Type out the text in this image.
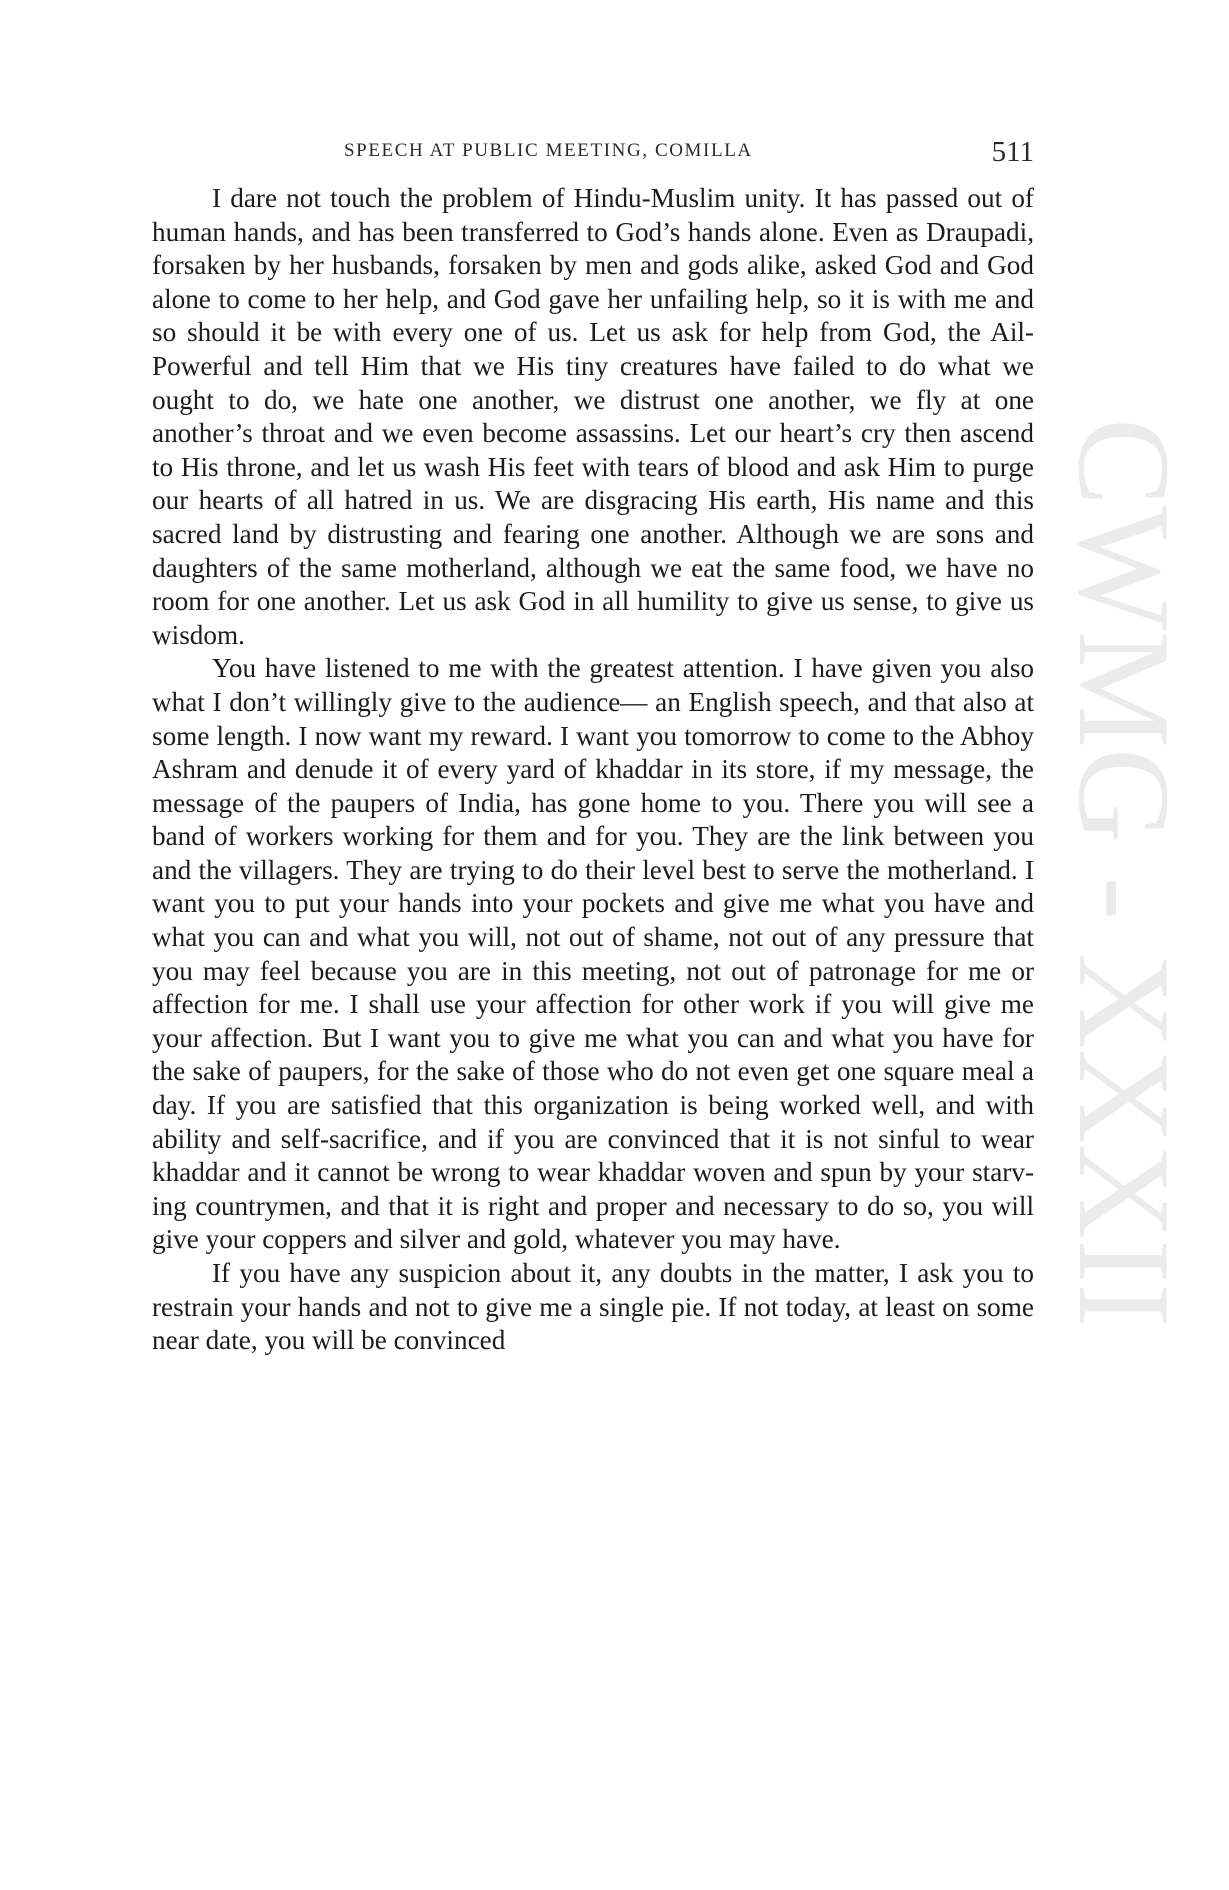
CWMG - XXXII
SPEECH AT PUBLIC MEETING, COMILLA	511

I dare not touch the problem of Hindu-Muslim unity. It has passed out of human hands, and has been transferred to God’s hands alone. Even as Draupadi, forsaken by her husbands, forsaken by men and gods alike, asked God and God alone to come to her help, and God gave her unfailing help, so it is with me and so should it be with every one of us. Let us ask for help from God, the Ail-Powerful and tell Him that we His tiny creatures have failed to do what we ought to do, we hate one another, we distrust one another, we fly at one another’s throat and we even become assassins. Let our heart’s cry then ascend to His throne, and let us wash His feet with tears of blood and ask Him to purge our hearts of all hatred in us. We are disgracing His earth, His name and this sacred land by distrusting and fearing one another. Although we are sons and daughters of the same motherland, although we eat the same food, we have no room for one another. Let us ask God in all humility to give us sense, to give us wisdom.

You have listened to me with the greatest attention. I have given you also what I don’t willingly give to the audience— an English speech, and that also at some length. I now want my reward. I want you tomorrow to come to the Abhoy Ashram and denude it of every yard of khaddar in its store, if my message, the message of the paupers of India, has gone home to you. There you will see a band of workers working for them and for you. They are the link between you and the villagers. They are trying to do their level best to serve the motherland. I want you to put your hands into your pockets and give me what you have and what you can and what you will, not out of shame, not out of any pressure that you may feel because you are in this meeting, not out of patronage for me or affection for me. I shall use your affection for other work if you will give me your affection. But I want you to give me what you can and what you have for the sake of paupers, for the sake of those who do not even get one square meal a day. If you are satisfied that this organization is being worked well, and with ability and self-sacrifice, and if you are convinced that it is not sinful to wear khaddar and it cannot be wrong to wear khaddar woven and spun by your starving countrymen, and that it is right and proper and necessary to do so, you will give your coppers and silver and gold, whatever you may have.

If you have any suspicion about it, any doubts in the matter, I ask you to restrain your hands and not to give me a single pie. If not today, at least on some near date, you will be convinced
